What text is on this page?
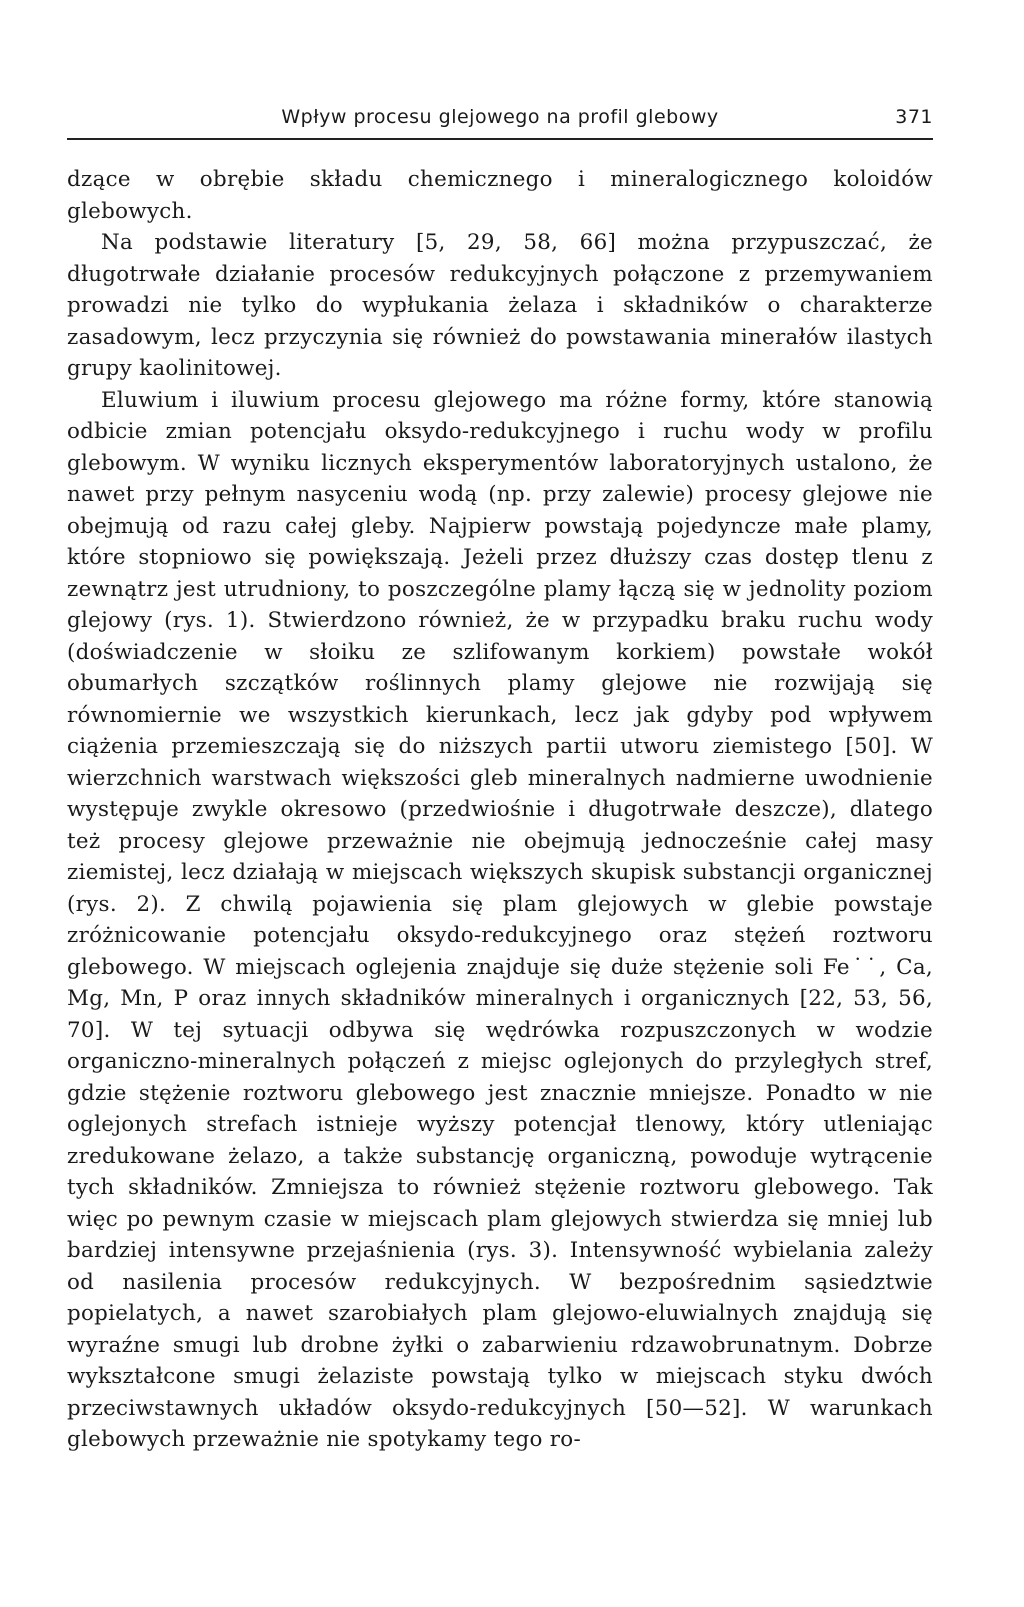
Wpływ procesu glejowego na profil glebowy	371

dzące w obrębie składu chemicznego i mineralogicznego koloidów glebowych.

Na podstawie literatury [5, 29, 58, 66] można przypuszczać, że długotrwałe działanie procesów redukcyjnych połączone z przemywaniem prowadzi nie tylko do wypłukania żelaza i składników o charakterze zasadowym, lecz przyczynia się również do powstawania minerałów ilastych grupy kaolinitowej.

Eluwium i iluwium procesu glejowego ma różne formy, które stanowią odbicie zmian potencjału oksydo-redukcyjnego i ruchu wody w profilu glebowym. W wyniku licznych eksperymentów laboratoryjnych ustalono, że nawet przy pełnym nasyceniu wodą (np. przy zalewie) procesy glejowe nie obejmują od razu całej gleby. Najpierw powstają pojedyncze małe plamy, które stopniowo się powiększają. Jeżeli przez dłuższy czas dostęp tlenu z zewnątrz jest utrudniony, to poszczególne plamy łączą się w jednolity poziom glejowy (rys. 1). Stwierdzono również, że w przypadku braku ruchu wody (doświadczenie w słoiku ze szlifowanym korkiem) powstałe wokół obumarłych szczątków roślinnych plamy glejowe nie rozwijają się równomiernie we wszystkich kierunkach, lecz jak gdyby pod wpływem ciążenia przemieszczają się do niższych partii utworu ziemistego [50]. W wierzchnich warstwach większości gleb mineralnych nadmierne uwodnienie występuje zwykle okresowo (przedwiośnie i długotrwałe deszcze), dlatego też procesy glejowe przeważnie nie obejmują jednocześnie całej masy ziemistej, lecz działają w miejscach większych skupisk substancji organicznej (rys. 2). Z chwilą pojawienia się plam glejowych w glebie powstaje zróżnicowanie potencjału oksydo-redukcyjnego oraz stężeń roztworu glebowego. W miejscach oglejenia znajduje się duże stężenie soli Fe˙˙, Ca, Mg, Mn, P oraz innych składników mineralnych i organicznych [22, 53, 56, 70]. W tej sytuacji odbywa się wędrówka rozpuszczonych w wodzie organiczno-mineralnych połączeń z miejsc oglejonych do przyległych stref, gdzie stężenie roztworu glebowego jest znacznie mniejsze. Ponadto w nie oglejonych strefach istnieje wyższy potencjał tlenowy, który utleniając zredukowane żelazo, a także substancję organiczną, powoduje wytrącenie tych składników. Zmniejsza to również stężenie roztworu glebowego. Tak więc po pewnym czasie w miejscach plam glejowych stwierdza się mniej lub bardziej intensywne przejaśnienia (rys. 3). Intensywność wybielania zależy od nasilenia procesów redukcyjnych. W bezpośrednim sąsiedztwie popielatych, a nawet szarobiałych plam glejowo-eluwialnych znajdują się wyraźne smugi lub drobne żyłki o zabarwieniu rdzawobrunatnym. Dobrze wykształcone smugi żelaziste powstają tylko w miejscach styku dwóch przeciwstawnych układów oksydo-redukcyjnych [50—52]. W warunkach glebowych przeważnie nie spotykamy tego ro-
